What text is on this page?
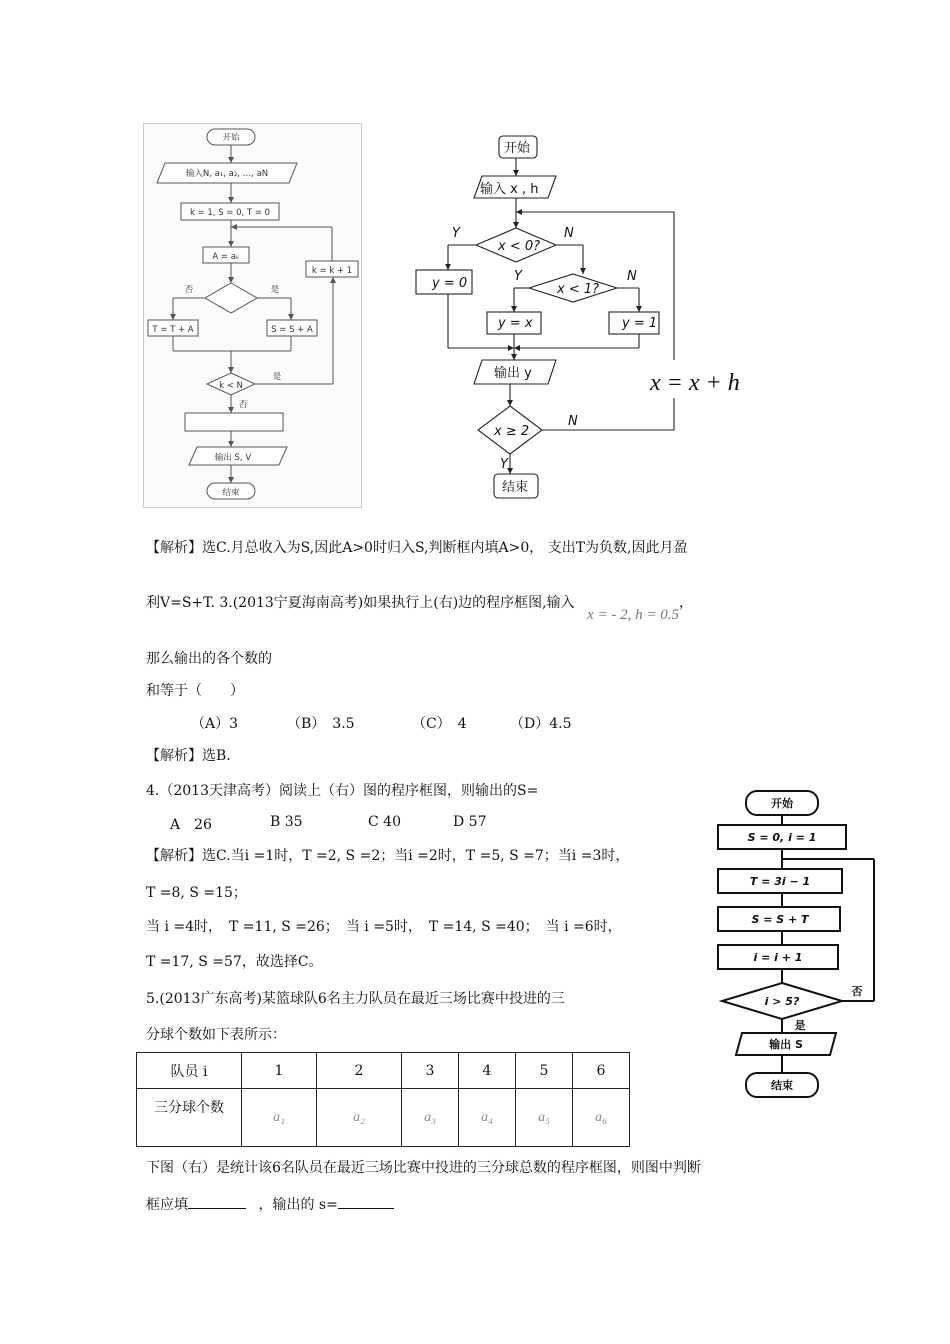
开始
输入N, a₁, a₂, …, aN
k = 1, S = 0, T = 0
A = aₖ
否	是
T = T + A	S = S + A
k = k + 1
k < N
是
否
输出 S, V
结束
开始
输入 x , h
x < 0?
Y	N
y = 0	x < 1?
Y	N
y = x	y = 1
输出 y
x ≥ 2
N
Y
结束
x = x + h
开始
S = 0, i = 1
T = 3i − 1
S = S + T
i = i + 1
i > 5?
否
是
输出 S
结束
【解析】选C.月总收入为S,因此A>0时归入S,判断框内填A>0， 支出T为负数,因此月盈
利V=S+T. 3.(2013宁夏海南高考)如果执行上(右)边的程序框图,输入 x = - 2, h = 0.5，
那么输出的各个数的
和等于（　　）
（A）3	（B）　3.5	（C）　4	（D）4.5
【解析】选B.
4.（2013天津高考）阅读上（右）图的程序框图，则输出的S=
A　26	B 35	C 40	D 57
【解析】选C.当i =1时，T =2, S =2；当i =2时，T =5, S =7；当i =3时，
T =8, S =15；
当 i =4时，　T =11, S =26；　当 i =5时，　T =14, S =40；　当 i =6时，
T =17, S =57，故选择C。
5.(2013广东高考)某篮球队6名主力队员在最近三场比赛中投进的三
分球个数如下表所示：
队员 i	1	2	3	4	5	6
三分球个数	a₁	a₂	a₃	a₄	a₅	a₆
下图（右）是统计该6名队员在最近三场比赛中投进的三分球总数的程序框图，则图中判断
框应填	，输出的 s=
